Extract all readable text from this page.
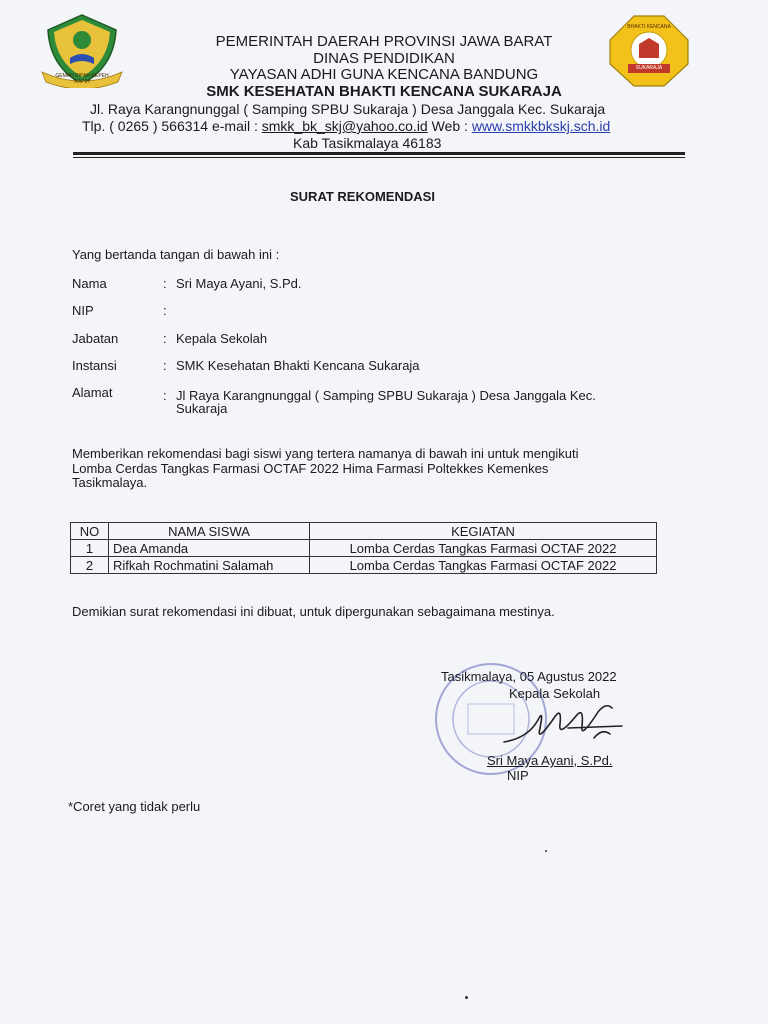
GEMAH RIPAH REPEH RAPIH
BHAKTI KENCANA
SUKARAJA
PEMERINTAH DAERAH PROVINSI JAWA BARAT
DINAS PENDIDIKAN
YAYASAN ADHI GUNA KENCANA BANDUNG
SMK KESEHATAN BHAKTI KENCANA SUKARAJA
Jl. Raya Karangnunggal ( Samping SPBU Sukaraja ) Desa Janggala Kec. Sukaraja
Tlp. ( 0265 ) 566314 e-mail : smkk_bk_skj@yahoo.co.id Web : www.smkkbkskj.sch.id
Kab Tasikmalaya 46183
SURAT REKOMENDASI
Yang bertanda tangan di bawah ini :
Nama	: Sri Maya Ayani, S.Pd.
NIP	:
Jabatan	: Kepala Sekolah
Instansi	: SMK Kesehatan Bhakti Kencana Sukaraja
Alamat	: Jl Raya Karangnunggal ( Samping SPBU Sukaraja ) Desa Janggala Kec.
Sukaraja
Memberikan rekomendasi bagi siswi yang tertera namanya di bawah ini untuk mengikuti
Lomba Cerdas Tangkas Farmasi OCTAF 2022 Hima Farmasi Poltekkes Kemenkes
Tasikmalaya.
NO	NAMA SISWA	KEGIATAN
1	Dea Amanda	Lomba Cerdas Tangkas Farmasi OCTAF 2022
2	Rifkah Rochmatini Salamah	Lomba Cerdas Tangkas Farmasi OCTAF 2022
Demikian surat rekomendasi ini dibuat, untuk dipergunakan sebagaimana mestinya.
Tasikmalaya, 05 Agustus 2022
Kepala Sekolah
Sri Maya Ayani, S.Pd.
NIP
*Coret yang tidak perlu
